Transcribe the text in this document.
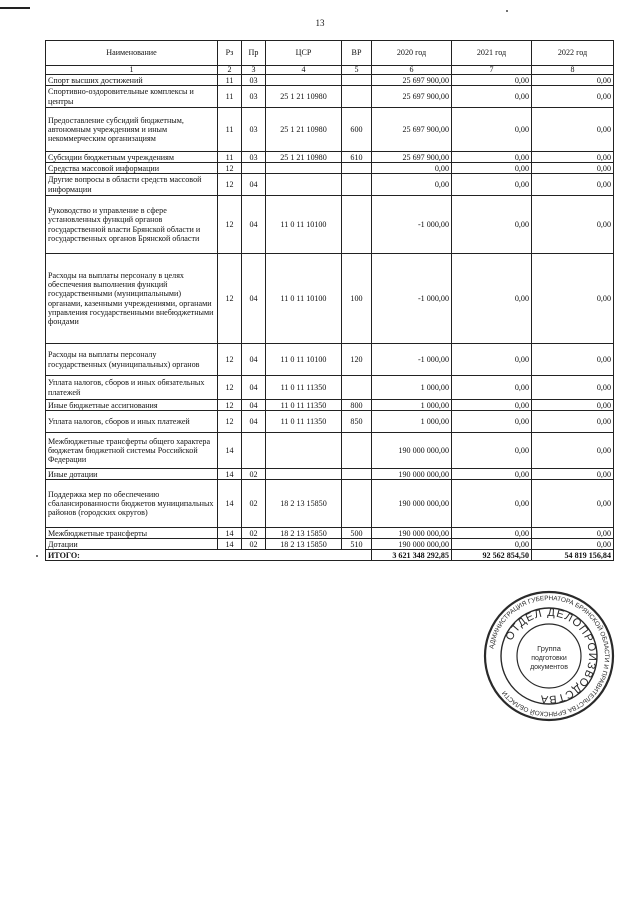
13
Наименование	Рз	Пр	ЦСР	ВР	2020 год	2021 год	2022 год
1	2	3	4	5	6	7	8
Спорт высших достижений	11	03			25 697 900,00	0,00	0,00
Спортивно-оздоровительные комплексы и центры	11	03	25 1 21 10980		25 697 900,00	0,00	0,00
Предоставление субсидий бюджетным, автономным учреждениям и иным некоммерческим организациям	11	03	25 1 21 10980	600	25 697 900,00	0,00	0,00
Субсидии бюджетным учреждениям	11	03	25 1 21 10980	610	25 697 900,00	0,00	0,00
Средства массовой информации	12				0,00	0,00	0,00
Другие вопросы в области средств массовой информации	12	04			0,00	0,00	0,00
Руководство и управление в сфере установленных функций органов государственной власти Брянской области и государственных органов Брянской области	12	04	11 0 11 10100		-1 000,00	0,00	0,00
Расходы на выплаты персоналу в целях обеспечения выполнения функций государственными (муниципальными) органами, казенными учреждениями, органами управления государственными внебюджетными фондами	12	04	11 0 11 10100	100	-1 000,00	0,00	0,00
Расходы на выплаты персоналу государственных (муниципальных) органов	12	04	11 0 11 10100	120	-1 000,00	0,00	0,00
Уплата налогов, сборов и иных обязательных платежей	12	04	11 0 11 11350		1 000,00	0,00	0,00
Иные бюджетные ассигнования	12	04	11 0 11 11350	800	1 000,00	0,00	0,00
Уплата налогов, сборов и иных платежей	12	04	11 0 11 11350	850	1 000,00	0,00	0,00
Межбюджетные трансферты общего характера бюджетам бюджетной системы Российской Федерации	14				190 000 000,00	0,00	0,00
Иные дотации	14	02			190 000 000,00	0,00	0,00
Поддержка мер по обеспечению сбалансированности бюджетов муниципальных районов (городских округов)	14	02	18 2 13 15850		190 000 000,00	0,00	0,00
Межбюджетные трансферты	14	02	18 2 13 15850	500	190 000 000,00	0,00	0,00
Дотации	14	02	18 2 13 15850	510	190 000 000,00	0,00	0,00
ИТОГО:					3 621 348 292,85	92 562 854,50	54 819 156,84
АДМИНИСТРАЦИЯ ГУБЕРНАТОРА БРЯНСКОЙ ОБЛАСТИ И ПРАВИТЕЛЬСТВА БРЯНСКОЙ ОБЛАСТИ
ОТДЕЛ ДЕЛОПРОИЗВОДСТВА
Группа
подготовки
документов
